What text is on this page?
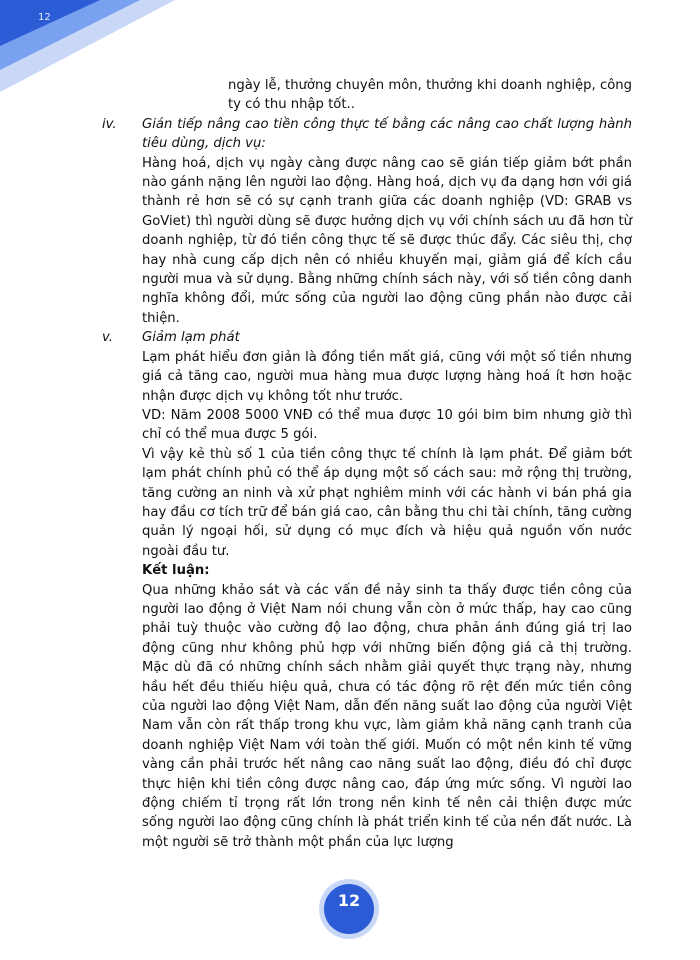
12

ngày lễ, thưởng chuyên môn, thưởng khi doanh nghiệp, công ty có thu nhập tốt..

iv. Gián tiếp nâng cao tiền công thực tế bằng các nâng cao chất lượng hành tiêu dùng, dịch vụ:

Hàng hoá, dịch vụ ngày càng được nâng cao sẽ gián tiếp giảm bớt phần nào gánh nặng lên người lao động. Hàng hoá, dịch vụ đa dạng hơn với giá thành rẻ hơn sẽ có sự cạnh tranh giữa các doanh nghiệp (VD: GRAB vs GoViet) thì người dùng sẽ được hưởng dịch vụ với chính sách ưu đã hơn từ doanh nghiệp, từ đó tiền công thực tế sẽ được thúc đẩy. Các siêu thị, chợ hay nhà cung cấp dịch nên có nhiều khuyến mại, giảm giá để kích cầu người mua và sử dụng. Bằng những chính sách này, với số tiền công danh nghĩa không đổi, mức sống của người lao động cũng phần nào được cải thiện.

v. Giảm lạm phát

Lạm phát hiểu đơn giản là đồng tiền mất giá, cũng với một số tiền nhưng giá cả tăng cao, người mua hàng mua được lượng hàng hoá ít hơn hoặc nhận được dịch vụ không tốt như trước.

VD: Năm 2008 5000 VNĐ có thể mua được 10 gói bim bim nhưng giờ thì chỉ có thể mua được 5 gói.

Vì vậy kẻ thù số 1 của tiền công thực tế chính là lạm phát. Để giảm bớt lạm phát chính phủ có thể áp dụng một số cách sau: mở rộng thị trường, tăng cường an ninh và xử phạt nghiêm minh với các hành vi bán phá gia hay đầu cơ tích trữ để bán giá cao, cân bằng thu chi tài chính, tăng cường quản lý ngoại hối, sử dụng có mục đích và hiệu quả nguồn vốn nước ngoài đầu tư.

Kết luận:

Qua những khảo sát và các vấn đề nảy sinh ta thấy được tiền công của người lao động ở Việt Nam nói chung vẫn còn ở mức thấp, hay cao cũng phải tuỳ thuộc vào cường độ lao động, chưa phản ánh đúng giá trị lao động cũng như không phủ hợp với những biến động giá cả thị trường. Mặc dù đã có những chính sách nhằm giải quyết thực trạng này, nhưng hầu hết đều thiếu hiệu quả, chưa có tác động rõ rệt đến mức tiền công của người lao động Việt Nam, dẫn đến năng suất lao động của người Việt Nam vẫn còn rất thấp trong khu vực, làm giảm khả năng cạnh tranh của doanh nghiệp Việt Nam với toàn thế giới. Muốn có một nền kinh tế vững vàng cần phải trước hết nâng cao năng suất lao động, điều đó chỉ được thực hiện khi tiền công được nâng cao, đáp ứng mức sống. Vì người lao động chiếm tỉ trọng rất lớn trong nền kinh tế nên cải thiện được mức sống người lao động cũng chính là phát triển kinh tế của nền đất nước. Là một người sẽ trở thành một phần của lực lượng

12
